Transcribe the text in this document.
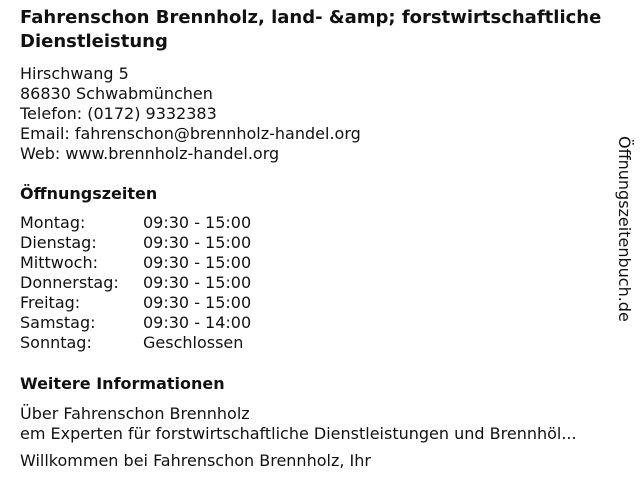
Fahrenschon Brennholz, land- &amp; forstwirtschaftliche Dienstleistung
Hirschwang 5
86830 Schwabmünchen
Telefon: (0172) 9332383
Email: fahrenschon@brennholz-handel.org
Web: www.brennholz-handel.org
Öffnungszeiten
Montag:	09:30 - 15:00
Dienstag:	09:30 - 15:00
Mittwoch:	09:30 - 15:00
Donnerstag:	09:30 - 15:00
Freitag:	09:30 - 15:00
Samstag:	09:30 - 14:00
Sonntag:	Geschlossen
Weitere Informationen
Über Fahrenschon Brennholz
em Experten für forstwirtschaftliche Dienstleistungen und Brennhöl...
Willkommen bei Fahrenschon Brennholz, Ihr
Öffnungszeitenbuch.de
